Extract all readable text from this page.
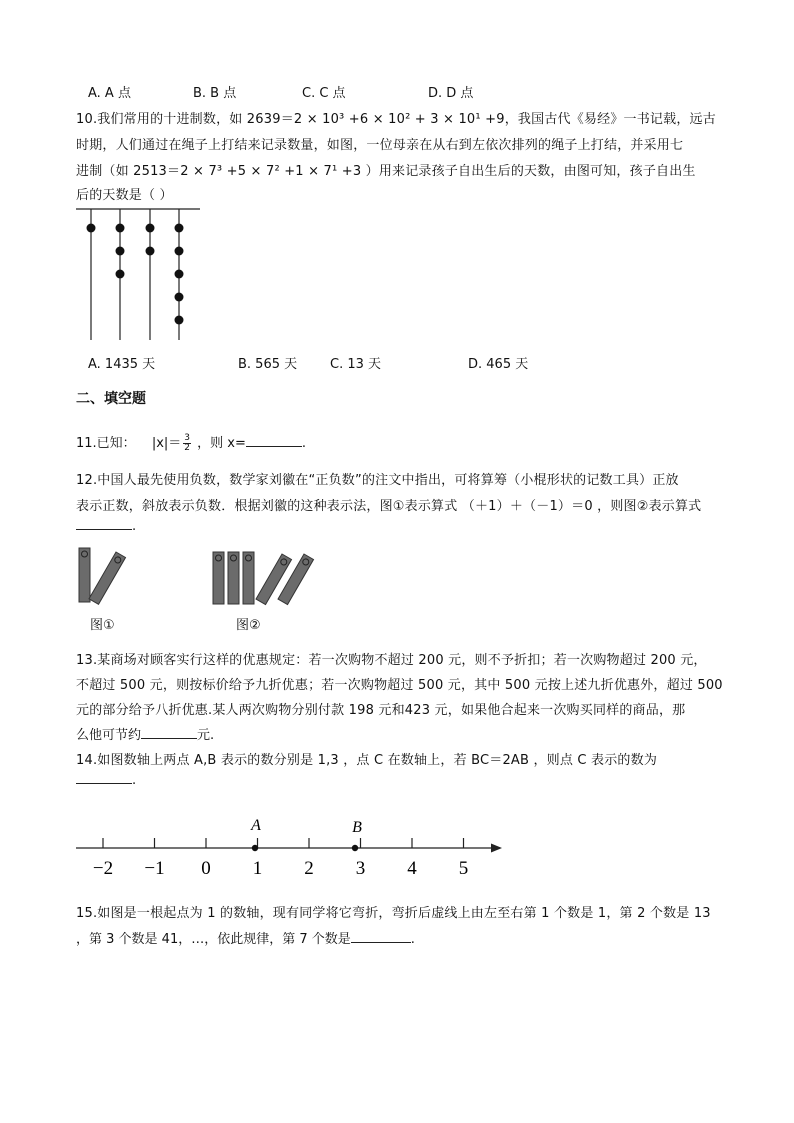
A. A 点	B. B 点	C. C 点	D. D 点
10.我们常用的十进制数，如 2639＝2 × 10³ +6 × 10² + 3 × 10¹ +9，我国古代《易经》一书记载，远古
时期，人们通过在绳子上打结来记录数量，如图，一位母亲在从右到左依次排列的绳子上打结，并采用七
进制（如 2513＝2 × 7³ +5 × 7² +1 × 7¹ +3 ）用来记录孩子自出生后的天数，由图可知，孩子自出生
后的天数是（ ）
A. 1435 天	B. 565 天	C. 13 天	D. 465 天
二、填空题
11.已知： $|x|= \frac{3}{2}$ ，则 x=	.
12.中国人最先使用负数，数学家刘徽在“正负数”的注文中指出，可将算筹（小棍形状的记数工具）正放
表示正数，斜放表示负数．根据刘徽的这种表示法，图①表示算式 （＋1）＋（－1）＝0 ，则图②表示算式
.
图①	图②
13.某商场对顾客实行这样的优惠规定：若一次购物不超过 200 元，则不予折扣；若一次购物超过 200 元，
不超过 500 元，则按标价给予九折优惠；若一次购物超过 500 元，其中 500 元按上述九折优惠外，超过 500
元的部分给予八折优惠.某人两次购物分别付款 198 元和423 元，如果他合起来一次购买同样的商品，那
么他可节约	元.
14.如图数轴上两点 A,B 表示的数分别是 1,3 ，点 C 在数轴上，若 BC＝2AB ，则点 C 表示的数为
.
−2 −1 0 1 2 3 4 5
A	B
15.如图是一根起点为 1 的数轴，现有同学将它弯折，弯折后虚线上由左至右第 1 个数是 1，第 2 个数是 13
，第 3 个数是 41，…，依此规律，第 7 个数是	.
